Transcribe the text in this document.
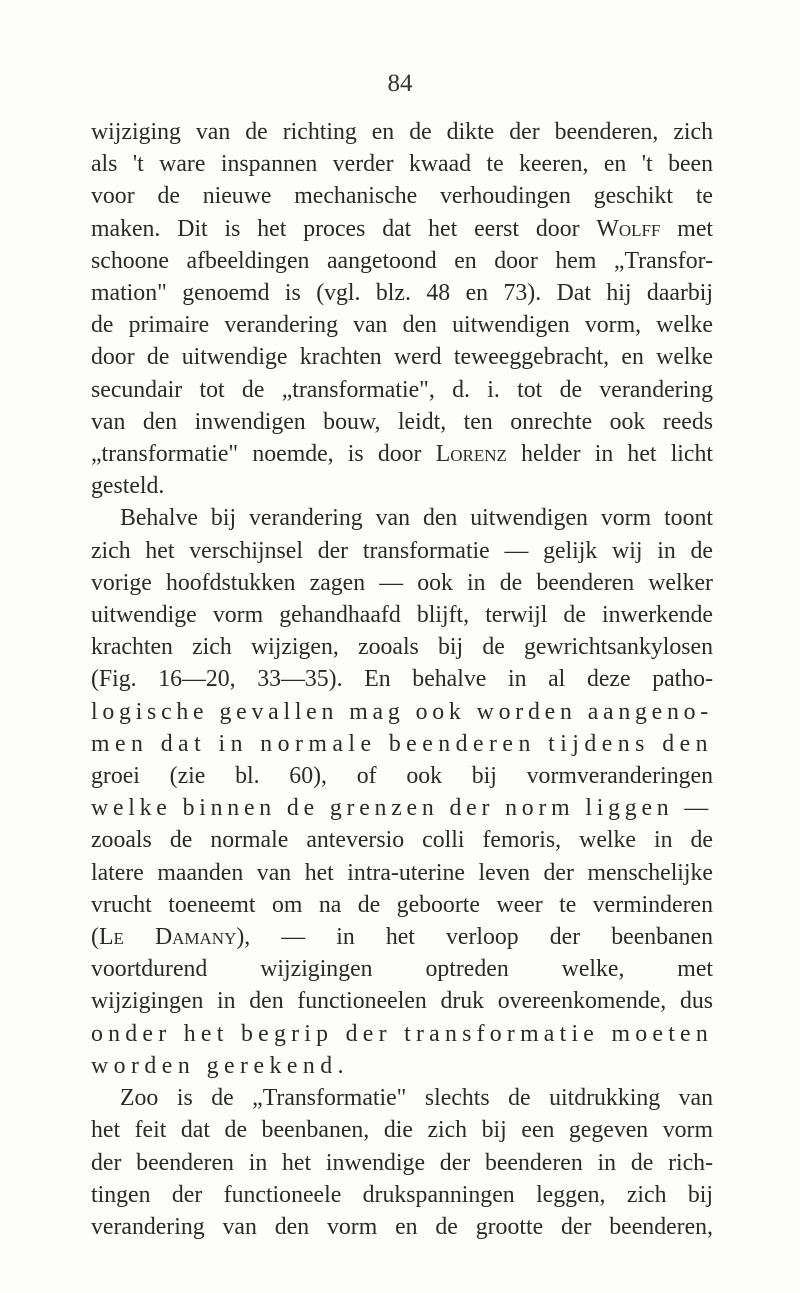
84
wijziging van de richting en de dikte der beenderen, zich
als 't ware inspannen verder kwaad te keeren, en 't been
voor de nieuwe mechanische verhoudingen geschikt te
maken. Dit is het proces dat het eerst door Wolff met
schoone afbeeldingen aangetoond en door hem „Transfor-
mation" genoemd is (vgl. blz. 48 en 73). Dat hij daarbij
de primaire verandering van den uitwendigen vorm, welke
door de uitwendige krachten werd teweeggebracht, en welke
secundair tot de „transformatie", d. i. tot de verandering
van den inwendigen bouw, leidt, ten onrechte ook reeds
„transformatie" noemde, is door Lorenz helder in het licht
gesteld.
Behalve bij verandering van den uitwendigen vorm toont
zich het verschijnsel der transformatie — gelijk wij in de
vorige hoofdstukken zagen — ook in de beenderen welker
uitwendige vorm gehandhaafd blijft, terwijl de inwerkende
krachten zich wijzigen, zooals bij de gewrichtsankylosen
(Fig. 16—20, 33—35). En behalve in al deze patho-
logische gevallen mag ook worden aangeno-
men dat in normale beenderen tijdens den
groei (zie bl. 60), of ook bij vormveranderingen
welke binnen de grenzen der norm liggen —
zooals de normale anteversio colli femoris, welke in de
latere maanden van het intra-uterine leven der menschelijke
vrucht toeneemt om na de geboorte weer te verminderen
(Le Damany), — in het verloop der beenbanen
voortdurend wijzigingen optreden welke, met
wijzigingen in den functioneelen druk overeenkomende, dus
onder het begrip der transformatie moeten
worden gerekend.
Zoo is de „Transformatie" slechts de uitdrukking van
het feit dat de beenbanen, die zich bij een gegeven vorm
der beenderen in het inwendige der beenderen in de rich-
tingen der functioneele drukspanningen leggen, zich bij
verandering van den vorm en de grootte der beenderen,
